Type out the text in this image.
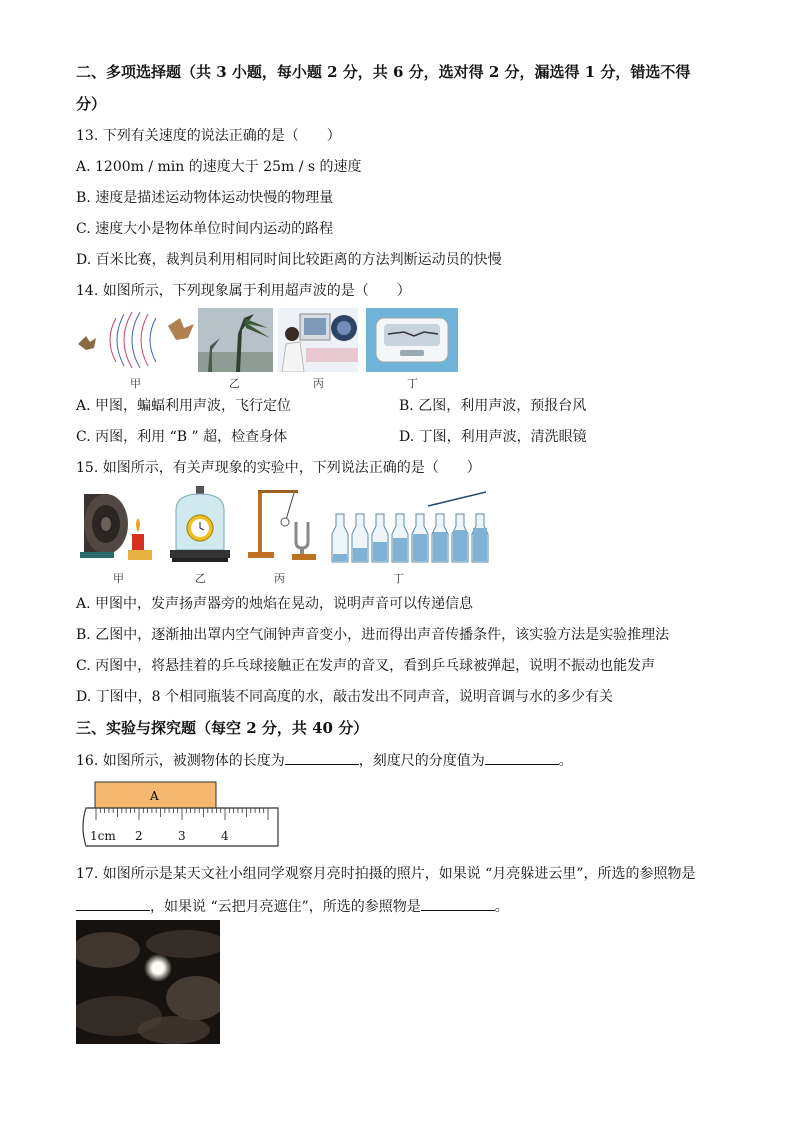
二、多项选择题（共 3 小题，每小题 2 分，共 6 分，选对得 2 分，漏选得 1 分，错选不得
分）
13. 下列有关速度的说法正确的是（　　）
A. 1200m / min 的速度大于 25m / s 的速度
B. 速度是描述运动物体运动快慢的物理量
C. 速度大小是物体单位时间内运动的路程
D. 百米比赛，裁判员利用相同时间比较距离的方法判断运动员的快慢
14. 如图所示，下列现象属于利用超声波的是（　　）
甲	乙	丙	丁
A. 甲图，蝙蝠利用声波，飞行定位	B. 乙图，利用声波，预报台风
C. 丙图，利用 “B ” 超，检查身体	D. 丁图，利用声波，清洗眼镜
15. 如图所示，有关声现象的实验中，下列说法正确的是（　　）
甲	乙	丙	丁
A. 甲图中，发声扬声器旁的烛焰在晃动，说明声音可以传递信息
B. 乙图中，逐渐抽出罩内空气闹钟声音变小，进而得出声音传播条件，该实验方法是实验推理法
C. 丙图中，将悬挂着的乒乓球接触正在发声的音叉，看到乒乓球被弹起，说明不振动也能发声
D. 丁图中，8 个相同瓶装不同高度的水，敲击发出不同声音，说明音调与水的多少有关
三、实验与探究题（每空 2 分，共 40 分）
16. 如图所示，被测物体的长度为	，刻度尺的分度值为	。
A
1cm 2	3	4
17. 如图所示是某天文社小组同学观察月亮时拍摄的照片，如果说 “月亮躲进云里”，所选的参照物是
，如果说 “云把月亮遮住”，所选的参照物是	。
